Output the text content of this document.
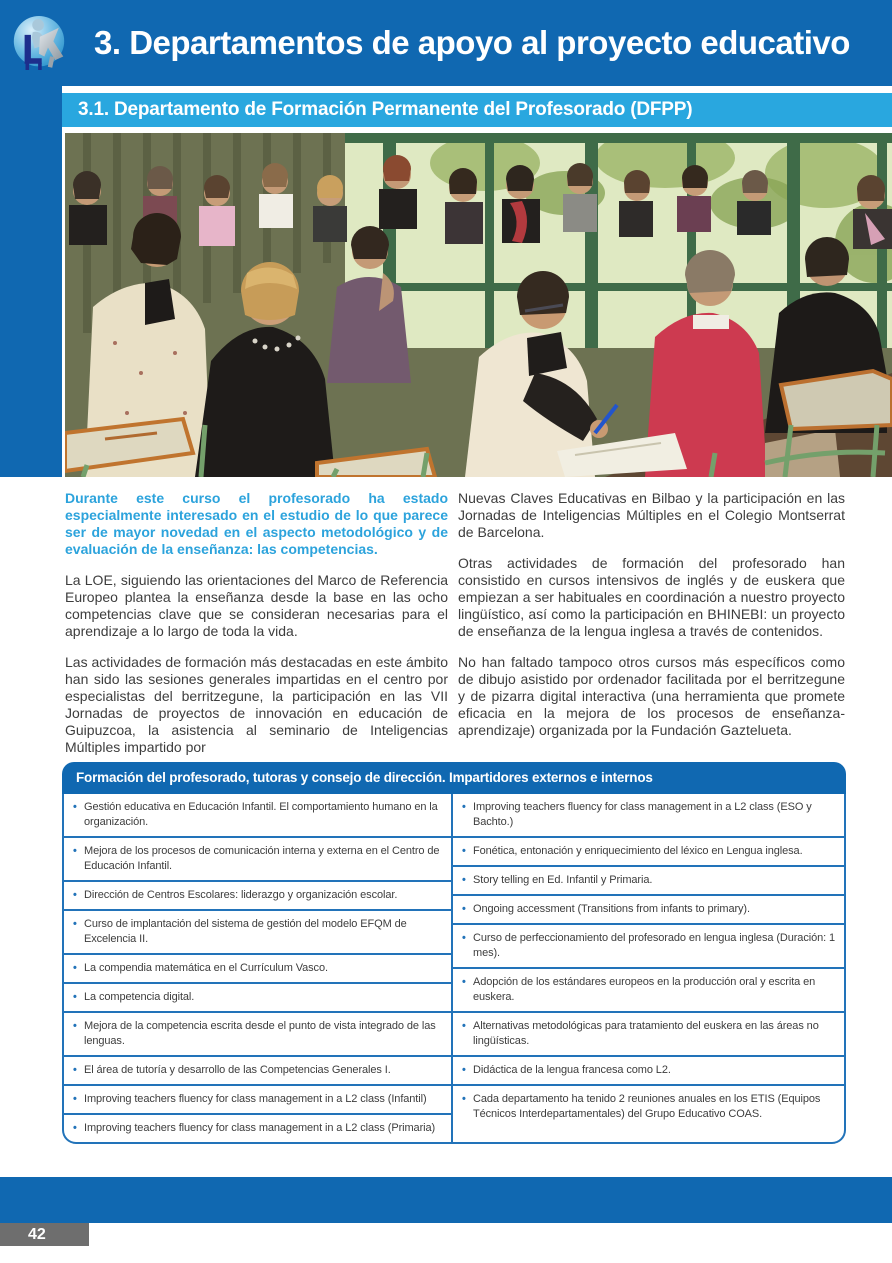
3. Departamentos de apoyo al proyecto educativo
3.1. Departamento de Formación Permanente del Profesorado (DFPP)

Durante este curso el profesorado ha estado especialmente interesado en el estudio de lo que parece ser de mayor novedad en el aspecto metodológico y de evaluación de la enseñanza: las competencias.

La LOE, siguiendo las orientaciones del Marco de Referencia Europeo plantea la enseñanza desde la base en las ocho competencias clave que se consideran necesarias para el aprendizaje a lo largo de toda la vida.

Las actividades de formación más destacadas en este ámbito han sido las sesiones generales impartidas en el centro por especialistas del berritzegune, la participación en las VII Jornadas de proyectos de innovación en educación de Guipuzcoa, la asistencia al seminario de Inteligencias Múltiples impartido por

Nuevas Claves Educativas en Bilbao y la participación en las Jornadas de Inteligencias Múltiples en el Colegio Montserrat de Barcelona.

Otras actividades de formación del profesorado han consistido en cursos intensivos de inglés y de euskera que empiezan a ser habituales en coordinación a nuestro proyecto lingüístico, así como la participación en BHINEBI: un proyecto de enseñanza de la lengua inglesa a través de contenidos.

No han faltado tampoco otros cursos más específicos como de dibujo asistido por ordenador facilitada por el berritzegune y de pizarra digital interactiva (una herramienta que promete eficacia en la mejora de los procesos de enseñanza-aprendizaje) organizada por la Fundación Gaztelueta.

Formación del profesorado, tutoras y consejo de dirección. Impartidores externos e internos
• Gestión educativa en Educación Infantil. El comportamiento humano en la organización.
• Mejora de los procesos de comunicación interna y externa en el Centro de Educación Infantil.
• Dirección de Centros Escolares: liderazgo y organización escolar.
• Curso de implantación del sistema de gestión del modelo EFQM de Excelencia II.
• La compendia matemática en el Currículum Vasco.
• La competencia digital.
• Mejora de la competencia escrita desde el punto de vista integrado de las lenguas.
• El área de tutoría y desarrollo de las Competencias Generales I.
• Improving teachers fluency for class management in a L2 class (Infantil)
• Improving teachers fluency for class management in a L2 class (Primaria)
• Improving teachers fluency for class management in a L2 class (ESO y Bachto.)
• Fonética, entonación y enriquecimiento del léxico en Lengua inglesa.
• Story telling en Ed. Infantil y Primaria.
• Ongoing accessment (Transitions from infants to primary).
• Curso de perfeccionamiento del profesorado en lengua inglesa (Duración: 1 mes).
• Adopción de los estándares europeos en la producción oral y escrita en euskera.
• Alternativas metodológicas para tratamiento del euskera en las áreas no lingüísticas.
• Didáctica de la lengua francesa como L2.
• Cada departamento ha tenido 2 reuniones anuales en los ETIS (Equipos Técnicos Interdepartamentales) del Grupo Educativo COAS.
42
